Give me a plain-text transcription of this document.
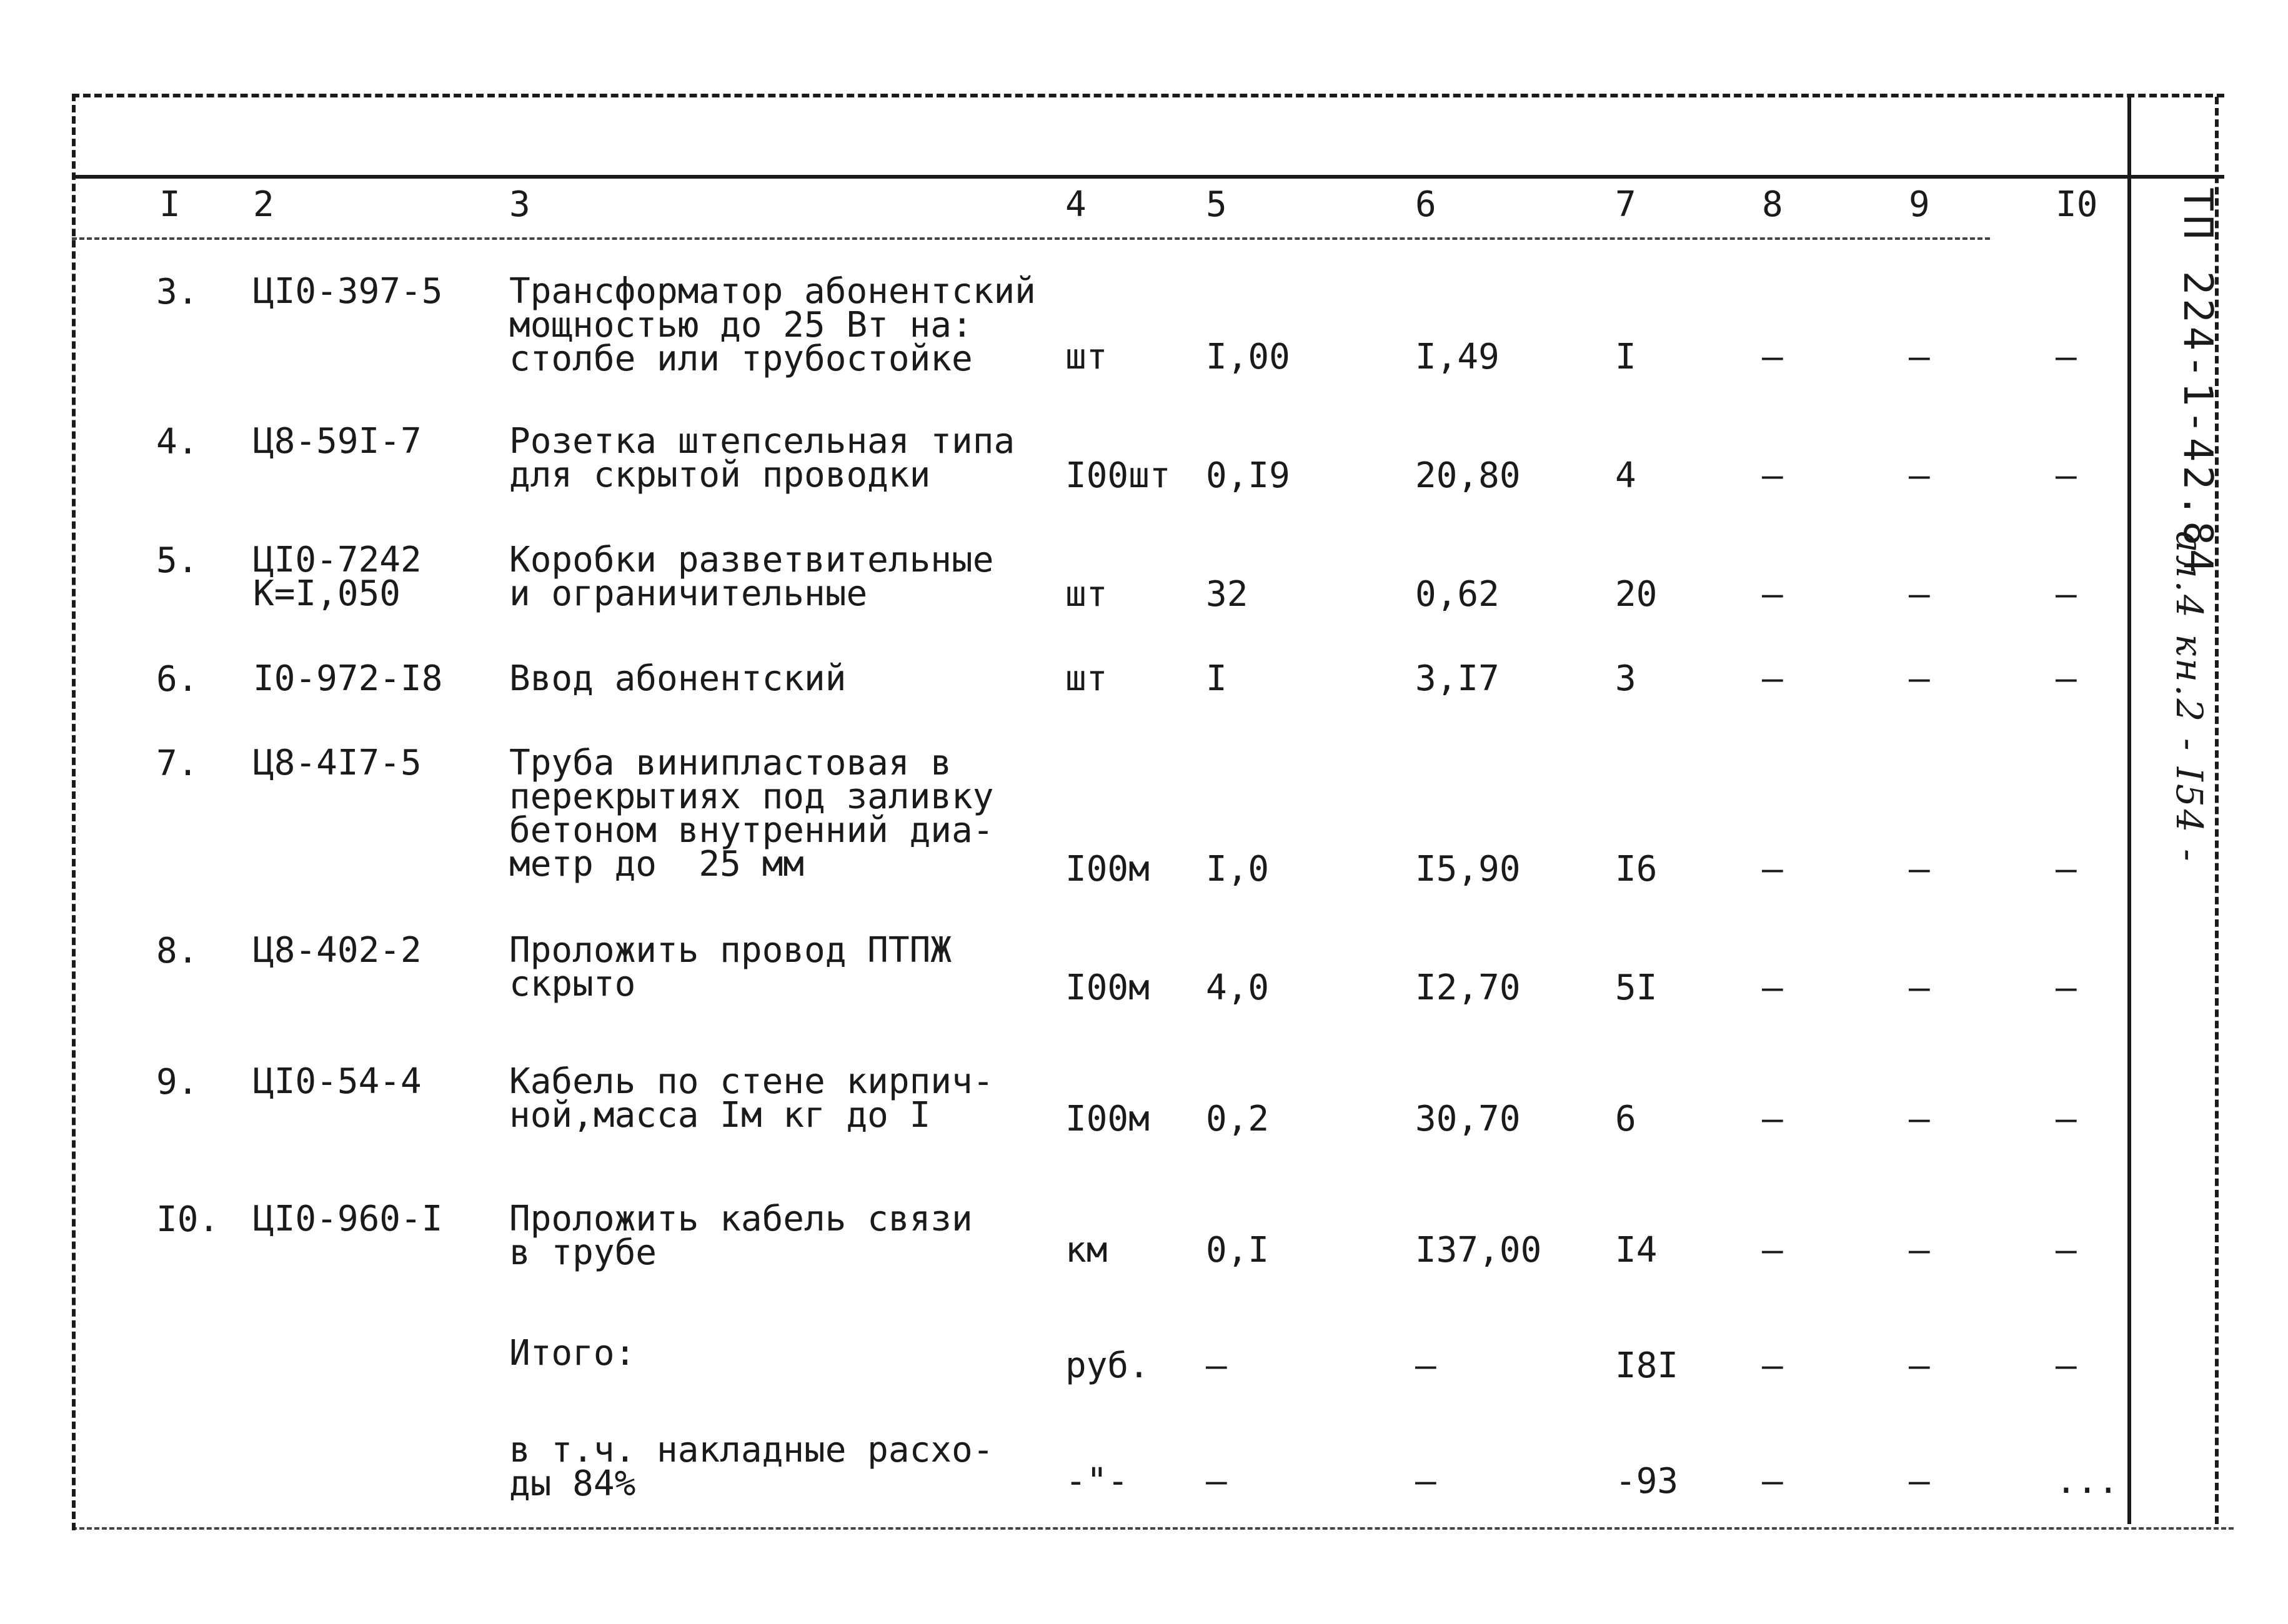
I 2	3	4	5	6	7	8	9	I0
3. ЦI0-397-5 Трансформатор абонентский
мощностью до 25 Вт на:
столбе или трубостойке	шт	I,00	I,49	I	–	–	–
4. Ц8-59I-7	Розетка штепсельная типа
для скрытой проводки	I00шт 0,I9	20,80	4	–	–	–
5. ЦI0-7242
К=I,050
Коробки разветвительные
и ограничительные	шт	32	0,62	20	–	–	–
6. I0-972-I8 Ввод абонентский	шт	I	3,I7	3	–	–	–
7. Ц8-4I7-5	Труба винипластовая в
перекрытиях под заливку
бетоном внутренний диа-
метр до  25 мм	I00м I,0	I5,90	I6	–	–	–
8. Ц8-402-2	Проложить провод ПТПЖ
скрыто	I00м 4,0	I2,70	5I	–	–	–
9. ЦI0-54-4	Кабель по стене кирпич-
ной,масса Iм кг до I	I00м 0,2	30,70	6	–	–	–
I0. ЦI0-960-I Проложить кабель связи
в трубе	км	0,I	I37,00 I4	–	–	–
Итого:	руб. –	–	I8I –	–	–
в т.ч. накладные расхо-
ды 84%	-"- –	–	-93 –	–	...
ТП 224-1-42.84
ал.4 кн.2 - I54 -
